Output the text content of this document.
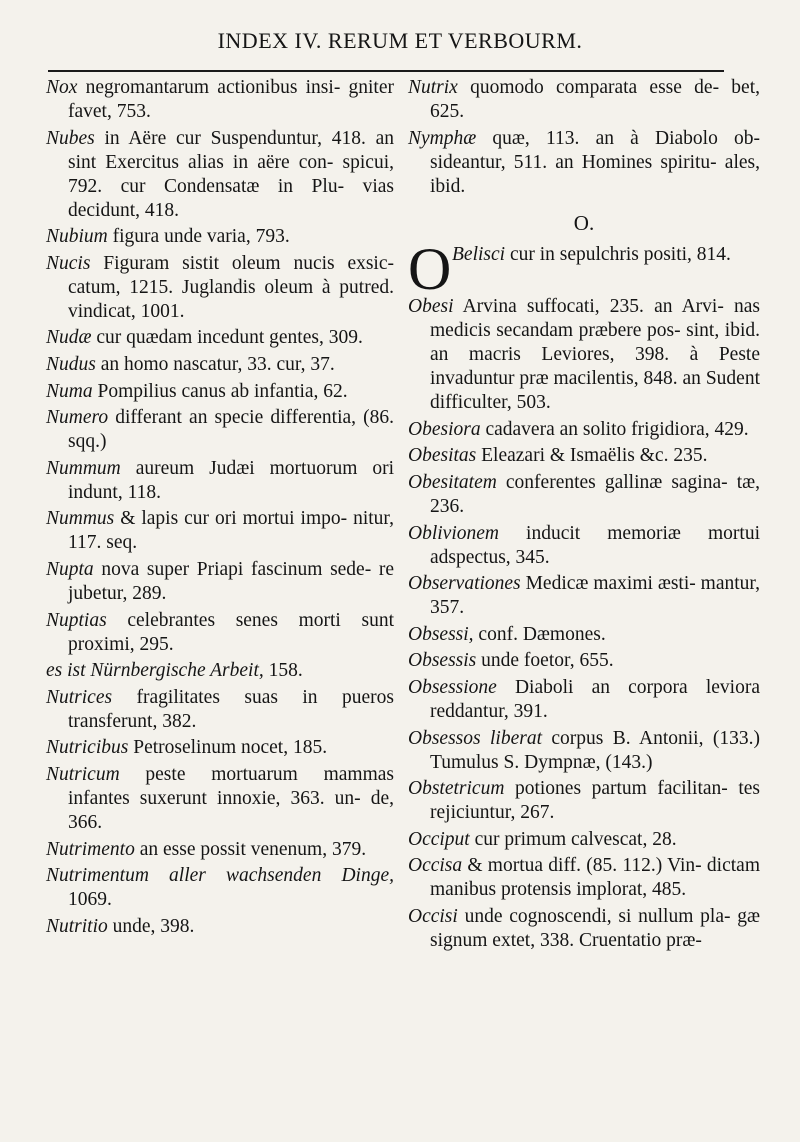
INDEX IV. RERUM ET VERBOURM.
Nox negromantarum actionibus insi- gniter favet, 753.
Nubes in Aëre cur Suspenduntur, 418. an sint Exercitus alias in aëre con- spicui, 792. cur Condensatæ in Plu- vias decidunt, 418.
Nubium figura unde varia, 793.
Nucis Figuram sistit oleum nucis exsic- catum, 1215. Juglandis oleum à putred. vindicat, 1001.
Nudæ cur quædam incedunt gentes, 309.
Nudus an homo nascatur, 33. cur, 37.
Numa Pompilius canus ab infantia, 62.
Numero differant an specie differentia, (86. sqq.)
Nummum aureum Judæi mortuorum ori indunt, 118.
Nummus & lapis cur ori mortui impo- nitur, 117. seq.
Nupta nova super Priapi fascinum sede- re jubetur, 289.
Nuptias celebrantes senes morti sunt proximi, 295.
es ist Nürnbergische Arbeit, 158.
Nutrices fragilitates suas in pueros transferunt, 382.
Nutricibus Petroselinum nocet, 185.
Nutricum peste mortuarum mammas infantes suxerunt innoxie, 363. un- de, 366.
Nutrimento an esse possit venenum, 379.
Nutrimentum aller wachsenden Dinge, 1069.
Nutritio unde, 398.
Nutrix quomodo comparata esse de- bet, 625.
Nymphæ quæ, 113. an à Diabolo ob- sideantur, 511. an Homines spiritu- ales, ibid.
O.
O Belisci cur in sepulchris positi, 814.
Obesi Arvina suffocati, 235. an Arvi- nas medicis secandam præbere pos- sint, ibid. an macris Leviores, 398. à Peste invaduntur præ macilentis, 848. an Sudent difficulter, 503.
Obesiora cadavera an solito frigidiora, 429.
Obesitas Eleazari & Ismaëlis &c. 235.
Obesitatem conferentes gallinæ sagina- tæ, 236.
Oblivionem inducit memoriæ mortui adspectus, 345.
Observationes Medicæ maximi æsti- mantur, 357.
Obsessi, conf. Dæmones.
Obsessis unde foetor, 655.
Obsessione Diaboli an corpora leviora reddantur, 391.
Obsessos liberat corpus B. Antonii, (133.) Tumulus S. Dympnæ, (143.)
Obstetricum potiones partum facilitan- tes rejiciuntur, 267.
Occiput cur primum calvescat, 28.
Occisa & mortua diff. (85. 112.) Vin- dictam manibus protensis implorat, 485.
Occisi unde cognoscendi, si nullum pla- gæ signum extet, 338. Cruentatio præ-
